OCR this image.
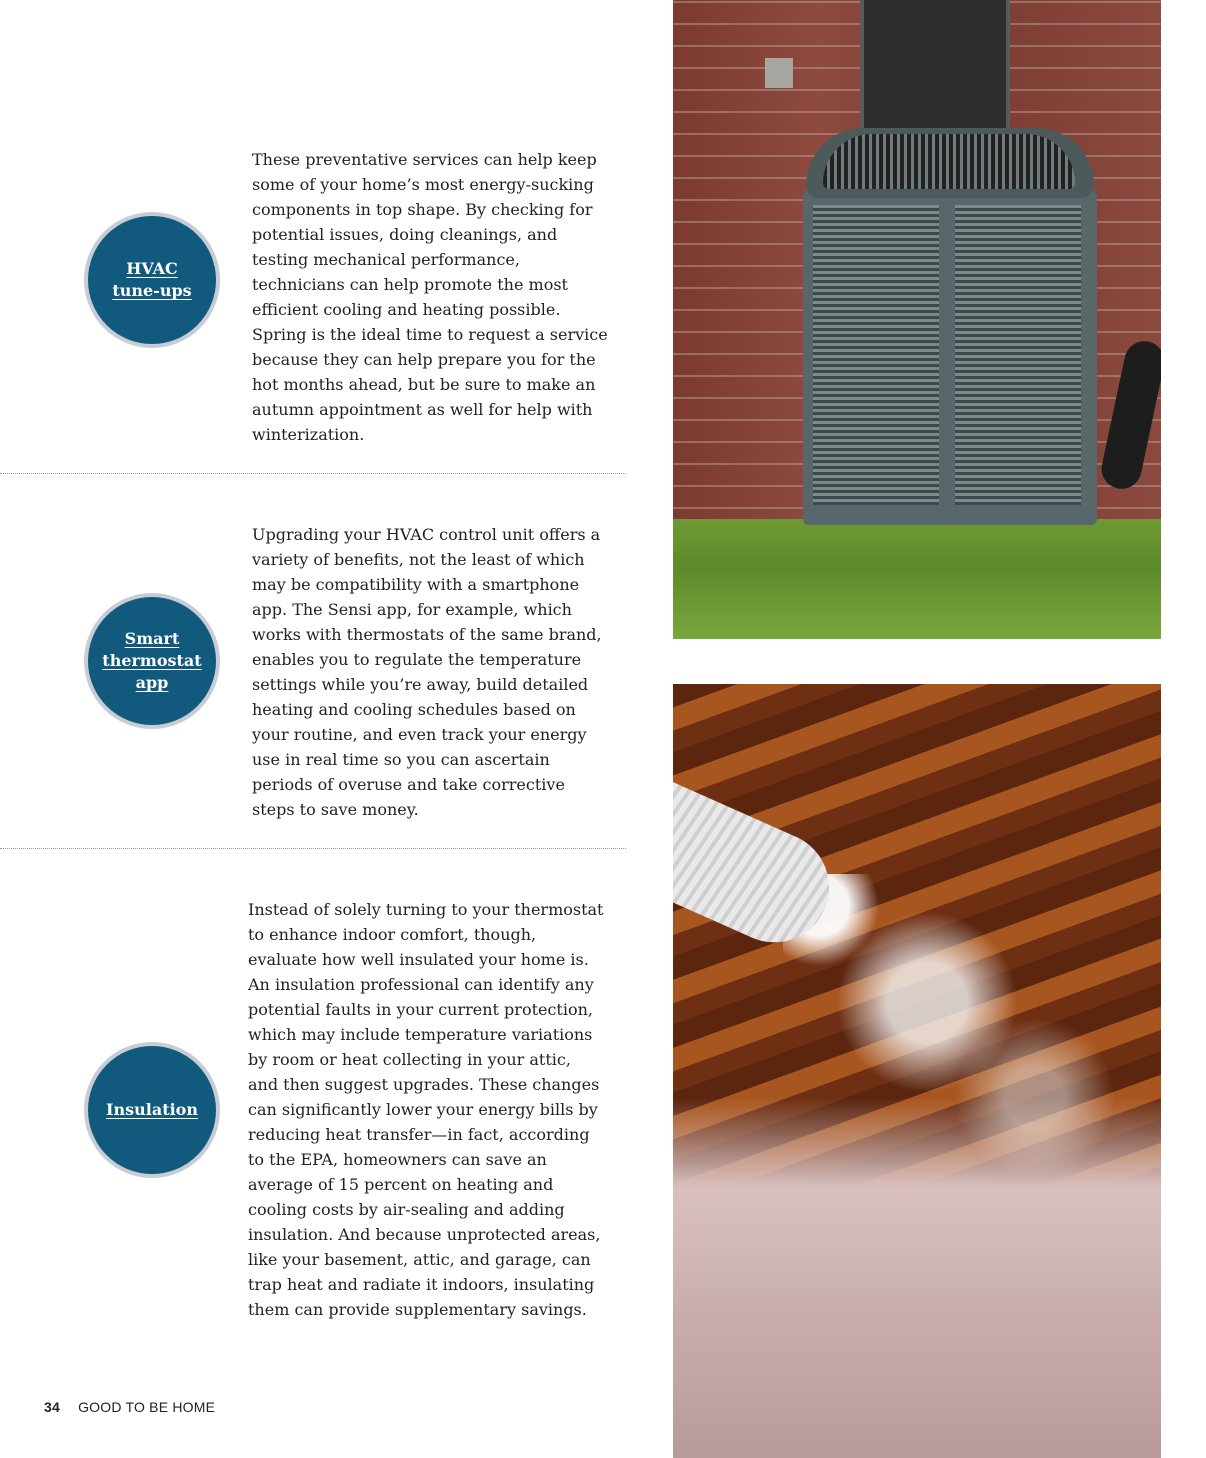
HVAC
tune-ups

These preventative services can help keep some of your home’s most energy-sucking components in top shape. By checking for potential issues, doing cleanings, and testing mechanical performance, technicians can help promote the most efficient cooling and heating possible. Spring is the ideal time to request a service because they can help prepare you for the hot months ahead, but be sure to make an autumn appointment as well for help with winterization.

Smart
thermostat
app

Upgrading your HVAC control unit offers a variety of benefits, not the least of which may be compatibility with a smartphone app. The Sensi app, for example, which works with thermostats of the same brand, enables you to regulate the temperature settings while you’re away, build detailed heating and cooling schedules based on your routine, and even track your energy use in real time so you can ascertain periods of overuse and take corrective steps to save money.

Insulation

Instead of solely turning to your thermostat to enhance indoor comfort, though, evaluate how well insulated your home is. An insulation professional can identify any potential faults in your current protection, which may include temperature variations by room or heat collecting in your attic, and then suggest upgrades. These changes can significantly lower your energy bills by reducing heat transfer—in fact, according to the EPA, homeowners can save an average of 15 percent on heating and cooling costs by air-sealing and adding insulation. And because unprotected areas, like your basement, attic, and garage, can trap heat and radiate it indoors, insulating them can provide supplementary savings.

34 GOOD TO BE HOME
